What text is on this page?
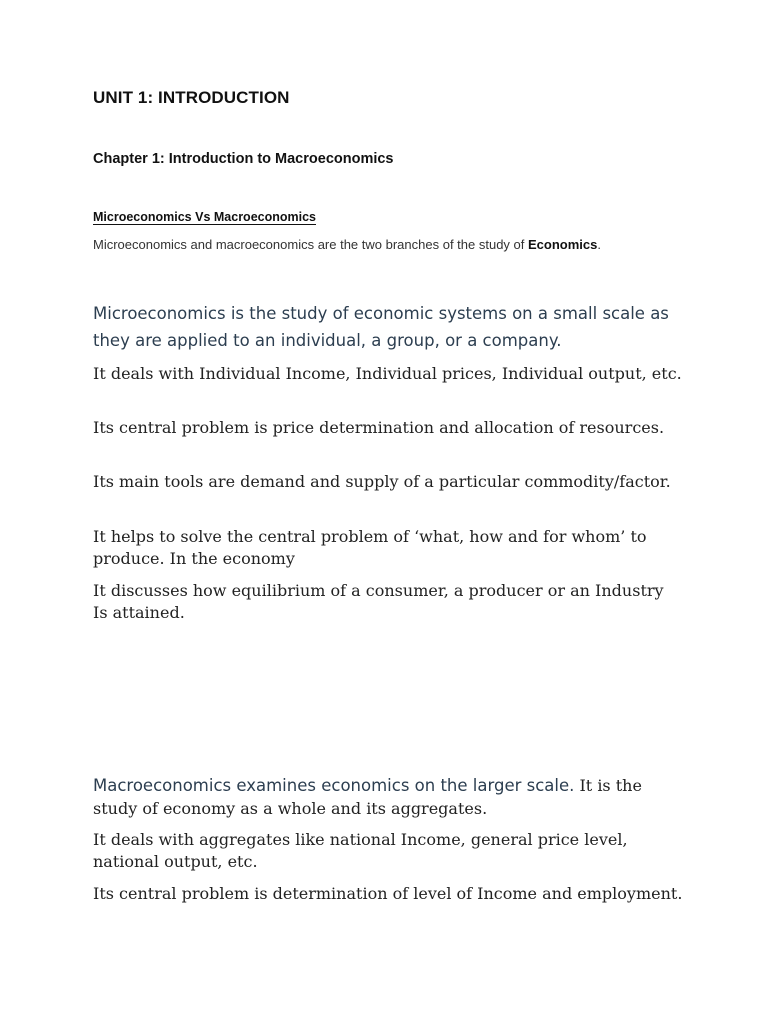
UNIT 1: INTRODUCTION
Chapter 1: Introduction to Macroeconomics
Microeconomics Vs Macroeconomics

Microeconomics and macroeconomics are the two branches of the study of Economics.

Microeconomics is the study of economic systems on a small scale as they are applied to an individual, a group, or a company.

It deals with Individual Income, Individual prices, Individual output, etc.

Its central problem is price determination and allocation of resources.

Its main tools are demand and supply of a particular commodity/factor.

It helps to solve the central problem of ‘what, how and for whom’ to produce. In the economy

It discusses how equilibrium of a consumer, a producer or an Industry Is attained.

Macroeconomics examines economics on the larger scale. It is the study of economy as a whole and its aggregates.

It deals with aggregates like national Income, general price level, national output, etc.

Its central problem is determination of level of Income and employment.
